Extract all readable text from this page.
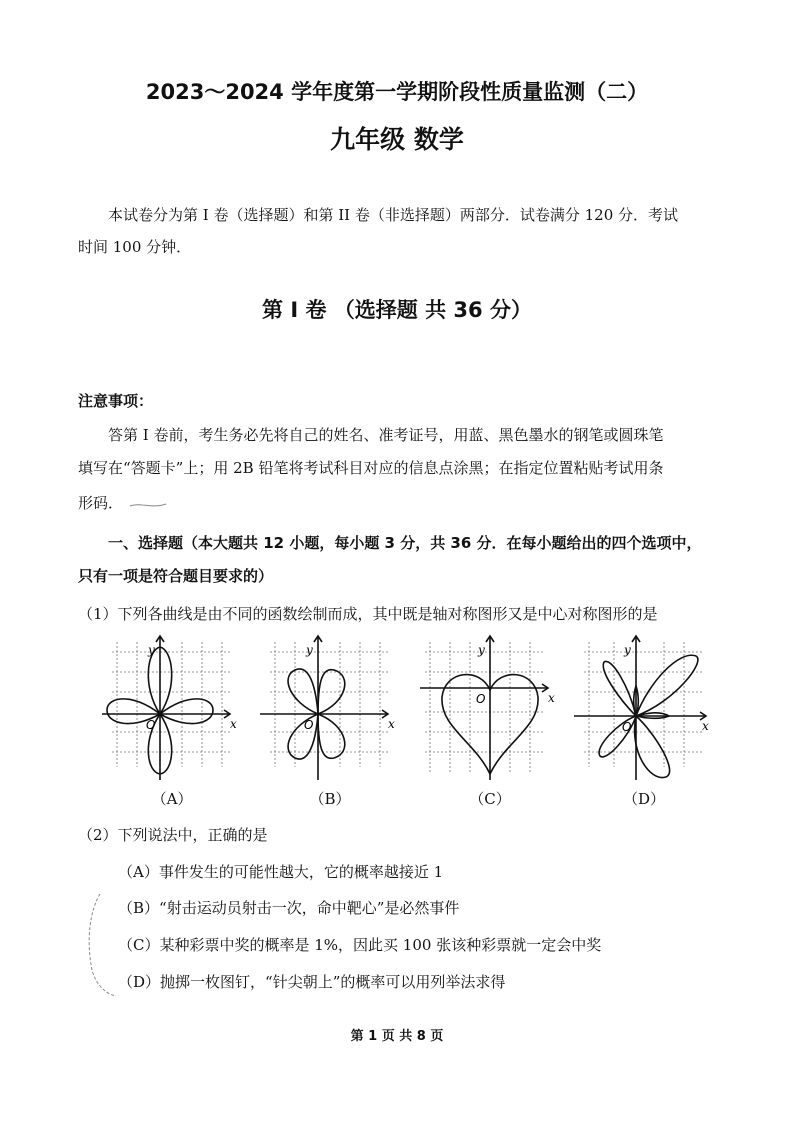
2023～2024 学年度第一学期阶段性质量监测（二）
九年级 数学
本试卷分为第 I 卷（选择题）和第 II 卷（非选择题）两部分．试卷满分 120 分．考试
时间 100 分钟．
第 I 卷 （选择题 共 36 分）
注意事项：
答第 I 卷前，考生务必先将自己的姓名、准考证号，用蓝、黑色墨水的钢笔或圆珠笔
填写在“答题卡”上；用 2B 铅笔将考试科目对应的信息点涂黑；在指定位置粘贴考试用条
形码．
一、选择题（本大题共 12 小题，每小题 3 分，共 36 分．在每小题给出的四个选项中，
只有一项是符合题目要求的）
（1）下列各曲线是由不同的函数绘制而成，其中既是轴对称图形又是中心对称图形的是
y
O	x
（A）
y
O	x
（B）
y
O	x
（C）
y
O	x
（D）
（2）下列说法中，正确的是
（A）事件发生的可能性越大，它的概率越接近 1
（B）“射击运动员射击一次，命中靶心”是必然事件
（C）某种彩票中奖的概率是 1%，因此买 100 张该种彩票就一定会中奖
（D）抛掷一枚图钉，“针尖朝上”的概率可以用列举法求得
第 1 页 共 8 页
